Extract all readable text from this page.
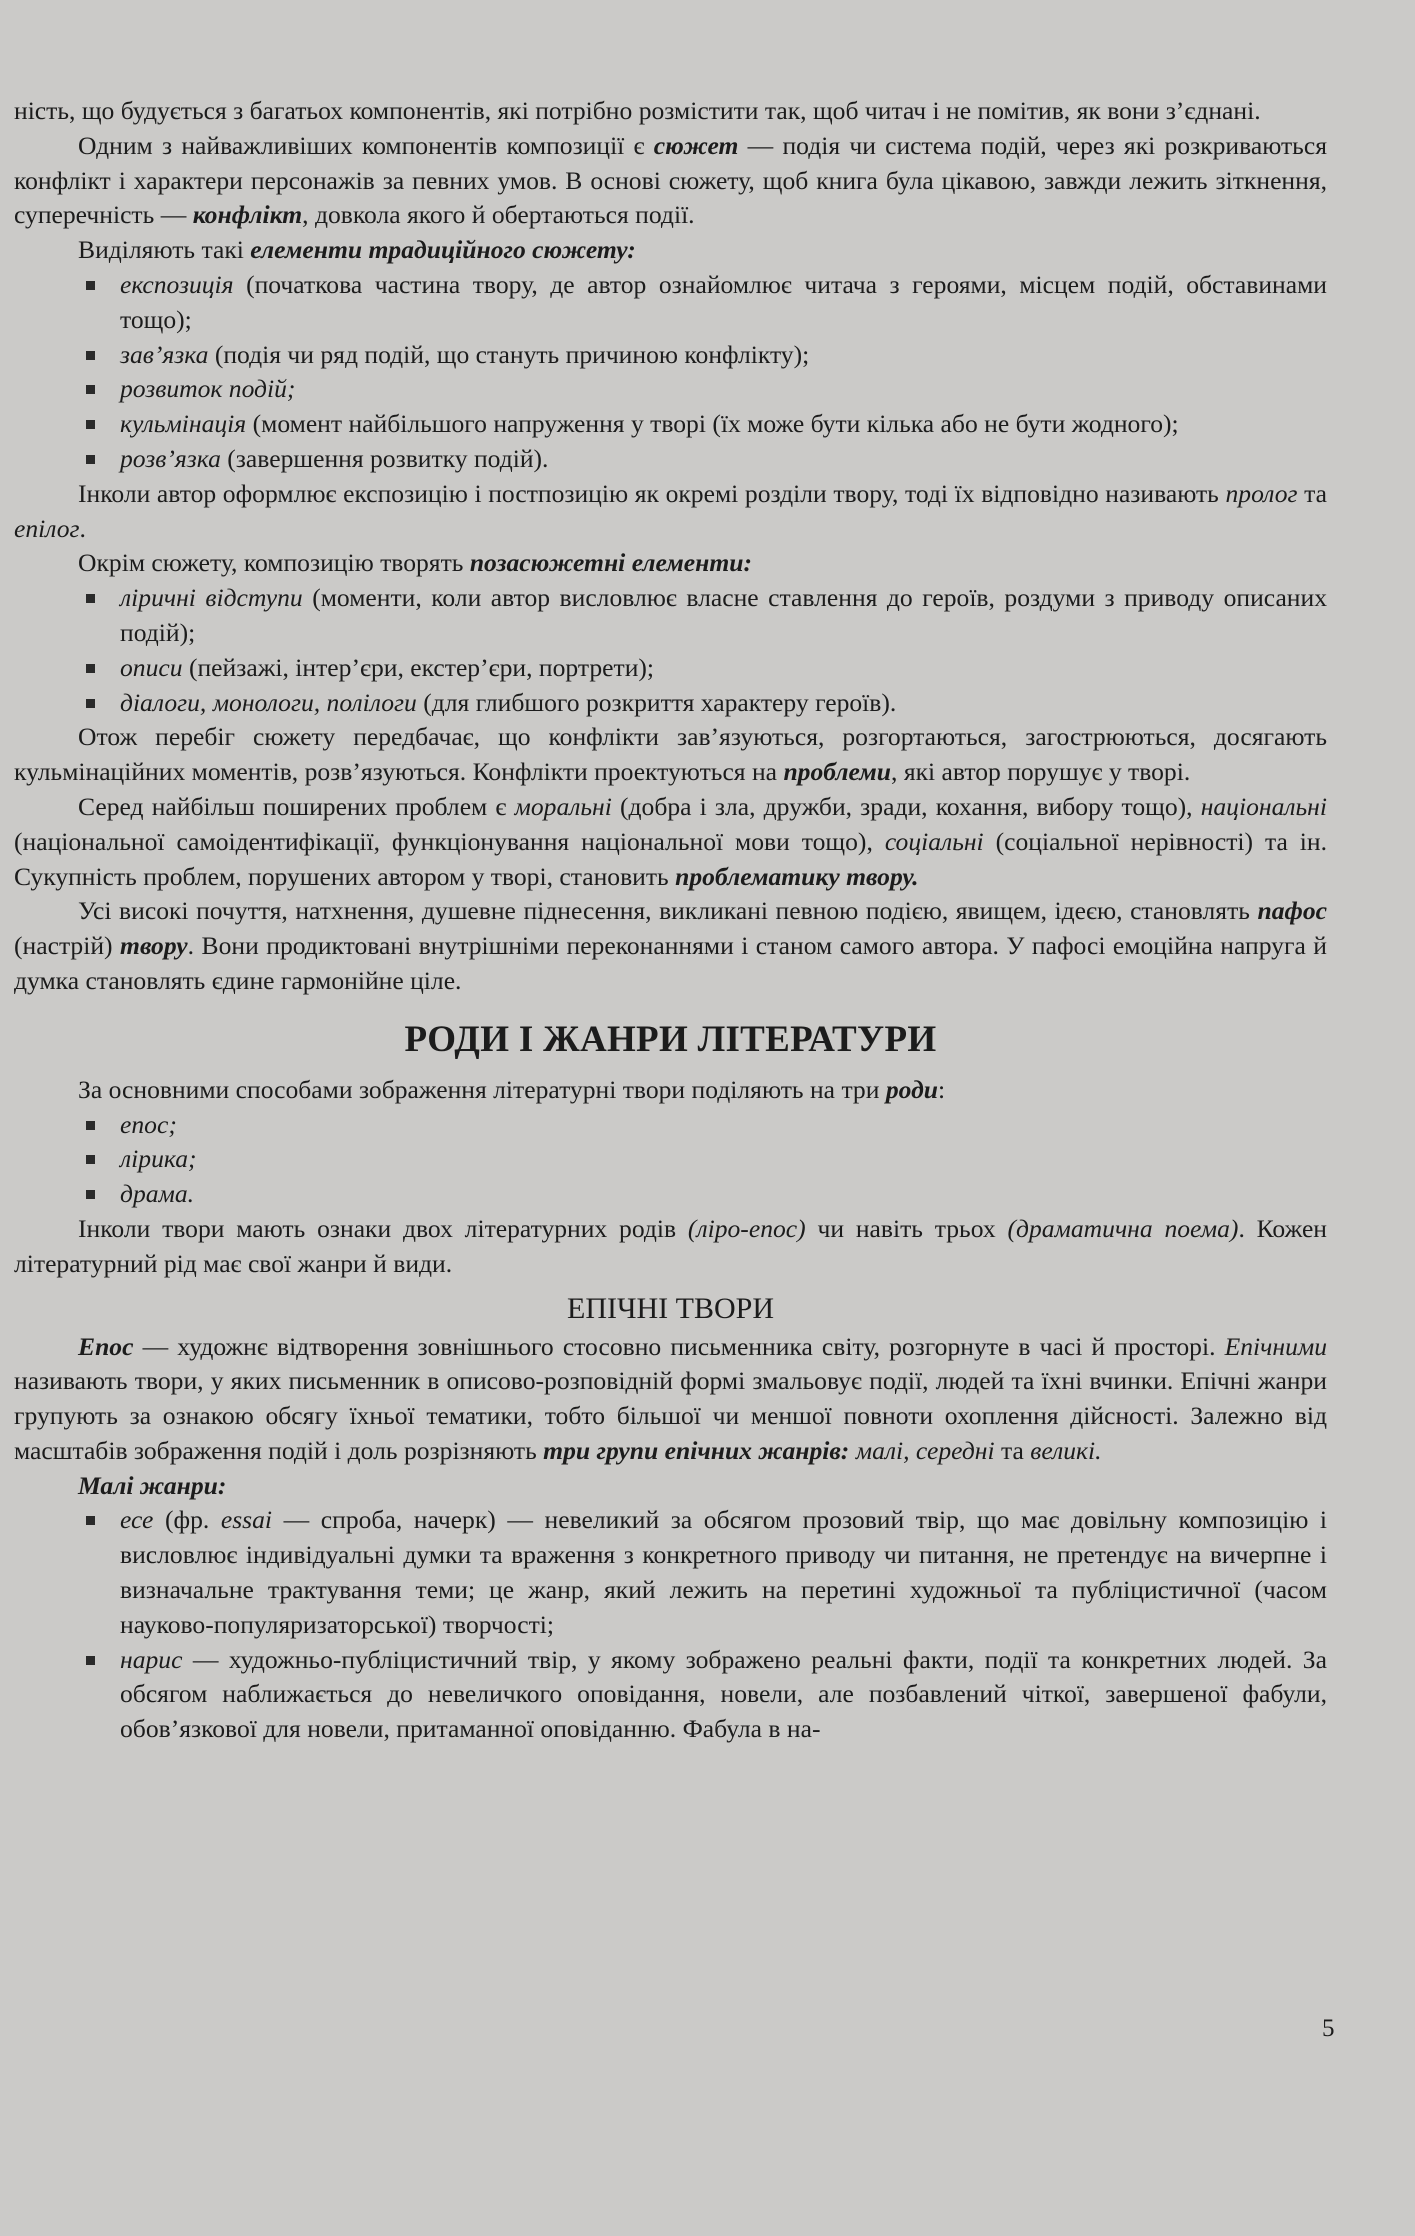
ність, що будується з багатьох компонентів, які потрібно розмістити так, щоб читач і не помітив, як вони з’єднані.

Одним з найважливіших компонентів композиції є сюжет — подія чи система подій, через які розкриваються конфлікт і характери персонажів за певних умов. В основі сюжету, щоб книга була цікавою, завжди лежить зіткнення, суперечність — конфлікт, довкола якого й обертаються події.

Виділяють такі елементи традиційного сюжету:

експозиція (початкова частина твору, де автор ознайомлює читача з героями, місцем подій, обставинами тощо);
зав’язка (подія чи ряд подій, що стануть причиною конфлікту);
розвиток подій;
кульмінація (момент найбільшого напруження у творі (їх може бути кілька або не бути жодного);
розв’язка (завершення розвитку подій).

Інколи автор оформлює експозицію і постпозицію як окремі розділи твору, тоді їх відповідно називають пролог та епілог.

Окрім сюжету, композицію творять позасюжетні елементи:

ліричні відступи (моменти, коли автор висловлює власне ставлення до героїв, роздуми з приводу описаних подій);
описи (пейзажі, інтер’єри, екстер’єри, портрети);
діалоги, монологи, полілоги (для глибшого розкриття характеру героїв).

Отож перебіг сюжету передбачає, що конфлікти зав’язуються, розгортаються, загострюються, досягають кульмінаційних моментів, розв’язуються. Конфлікти проектуються на проблеми, які автор порушує у творі.

Серед найбільш поширених проблем є моральні (добра і зла, дружби, зради, кохання, вибору тощо), національні (національної самоідентифікації, функціонування національної мови тощо), соціальні (соціальної нерівності) та ін. Сукупність проблем, порушених автором у творі, становить проблематику твору.

Усі високі почуття, натхнення, душевне піднесення, викликані певною подією, явищем, ідеєю, становлять пафос (настрій) твору. Вони продиктовані внутрішніми переконаннями і станом самого автора. У пафосі емоційна напруга й думка становлять єдине гармонійне ціле.

РОДИ І ЖАНРИ ЛІТЕРАТУРИ

За основними способами зображення літературні твори поділяють на три роди:

епос;
лірика;
драма.

Інколи твори мають ознаки двох літературних родів (ліро-епос) чи навіть трьох (драматична поема). Кожен літературний рід має свої жанри й види.

ЕПІЧНІ ТВОРИ

Епос — художнє відтворення зовнішнього стосовно письменника світу, розгорнуте в часі й просторі. Епічними називають твори, у яких письменник в описово-розповідній формі змальовує події, людей та їхні вчинки. Епічні жанри групують за ознакою обсягу їхньої тематики, тобто більшої чи меншої повноти охоплення дійсності. Залежно від масштабів зображення подій і доль розрізняють три групи епічних жанрів: малі, середні та великі.

Малі жанри:

есе (фр. essai — спроба, начерк) — невеликий за обсягом прозовий твір, що має довільну композицію і висловлює індивідуальні думки та враження з конкретного приводу чи питання, не претендує на вичерпне і визначальне трактування теми; це жанр, який лежить на перетині художньої та публіцистичної (часом науково-популяризаторської) творчості;
нарис — художньо-публіцистичний твір, у якому зображено реальні факти, події та конкретних людей. За обсягом наближається до невеличкого оповідання, новели, але позбавлений чіткої, завершеної фабули, обов’язкової для новели, притаманної оповіданню. Фабула в на-
5
